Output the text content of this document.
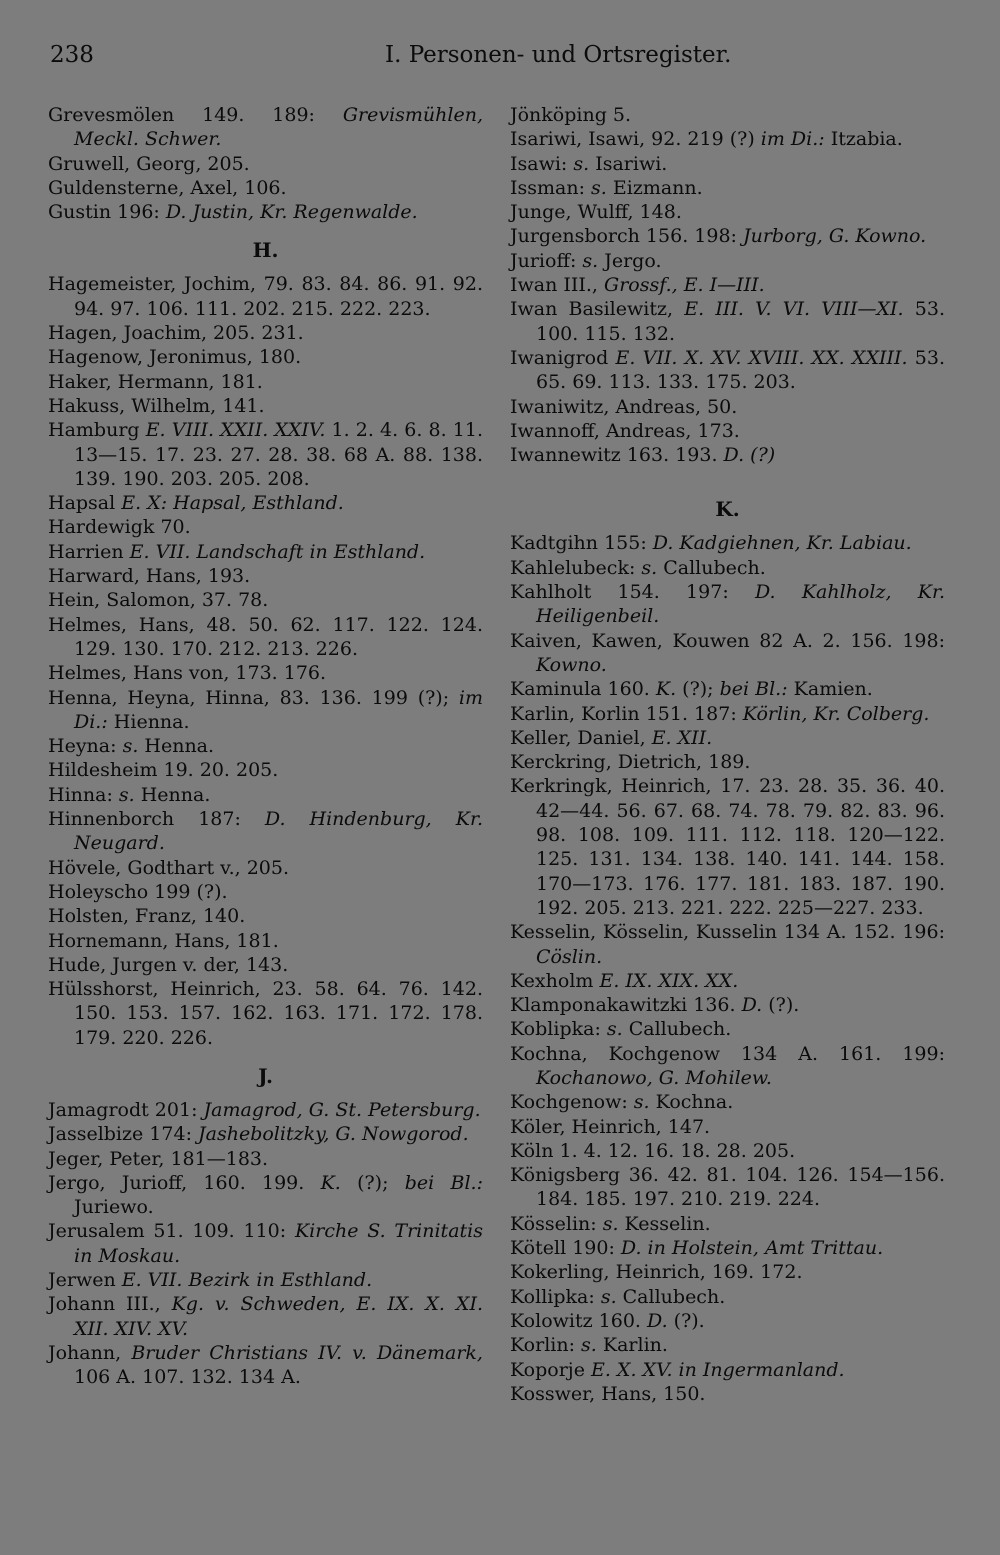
238	I. Personen- und Ortsregister.

Grevesmölen 149. 189: Grevismühlen, Meckl. Schwer.

Gruwell, Georg, 205.

Guldensterne, Axel, 106.

Gustin 196: D. Justin, Kr. Regenwalde.

H.

Hagemeister, Jochim, 79. 83. 84. 86. 91. 92. 94. 97. 106. 111. 202. 215. 222. 223.

Hagen, Joachim, 205. 231.

Hagenow, Jeronimus, 180.

Haker, Hermann, 181.

Hakuss, Wilhelm, 141.

Hamburg E. VIII. XXII. XXIV. 1. 2. 4. 6. 8. 11. 13—15. 17. 23. 27. 28. 38. 68 A. 88. 138. 139. 190. 203. 205. 208.

Hapsal E. X: Hapsal, Esthland.

Hardewigk 70.

Harrien E. VII. Landschaft in Esthland.

Harward, Hans, 193.

Hein, Salomon, 37. 78.

Helmes, Hans, 48. 50. 62. 117. 122. 124. 129. 130. 170. 212. 213. 226.

Helmes, Hans von, 173. 176.

Henna, Heyna, Hinna, 83. 136. 199 (?); im Di.: Hienna.

Heyna: s. Henna.

Hildesheim 19. 20. 205.

Hinna: s. Henna.

Hinnenborch 187: D. Hindenburg, Kr. Neugard.

Hövele, Godthart v., 205.

Holeyscho 199 (?).

Holsten, Franz, 140.

Hornemann, Hans, 181.

Hude, Jurgen v. der, 143.

Hülsshorst, Heinrich, 23. 58. 64. 76. 142. 150. 153. 157. 162. 163. 171. 172. 178. 179. 220. 226.

J.

Jamagrodt 201: Jamagrod, G. St. Petersburg.

Jasselbize 174: Jashebolitzky, G. Nowgorod.

Jeger, Peter, 181—183.

Jergo, Jurioff, 160. 199. K. (?); bei Bl.: Juriewo.

Jerusalem 51. 109. 110: Kirche S. Trinitatis in Moskau.

Jerwen E. VII. Bezirk in Esthland.

Johann III., Kg. v. Schweden, E. IX. X. XI. XII. XIV. XV.

Johann, Bruder Christians IV. v. Dänemark, 106 A. 107. 132. 134 A.

Jönköping 5.

Isariwi, Isawi, 92. 219 (?) im Di.: Itzabia.

Isawi: s. Isariwi.

Issman: s. Eizmann.

Junge, Wulff, 148.

Jurgensborch 156. 198: Jurborg, G. Kowno.

Jurioff: s. Jergo.

Iwan III., Grossf., E. I—III.

Iwan Basilewitz, E. III. V. VI. VIII—XI. 53. 100. 115. 132.

Iwanigrod E. VII. X. XV. XVIII. XX. XXIII. 53. 65. 69. 113. 133. 175. 203.

Iwaniwitz, Andreas, 50.

Iwannoff, Andreas, 173.

Iwannewitz 163. 193. D. (?)

K.

Kadtgihn 155: D. Kadgiehnen, Kr. Labiau.

Kahlelubeck: s. Callubech.

Kahlholt 154. 197: D. Kahlholz, Kr. Heiligenbeil.

Kaiven, Kawen, Kouwen 82 A. 2. 156. 198: Kowno.

Kaminula 160. K. (?); bei Bl.: Kamien.

Karlin, Korlin 151. 187: Körlin, Kr. Colberg.

Keller, Daniel, E. XII.

Kerckring, Dietrich, 189.

Kerkringk, Heinrich, 17. 23. 28. 35. 36. 40. 42—44. 56. 67. 68. 74. 78. 79. 82. 83. 96. 98. 108. 109. 111. 112. 118. 120—122. 125. 131. 134. 138. 140. 141. 144. 158. 170—173. 176. 177. 181. 183. 187. 190. 192. 205. 213. 221. 222. 225—227. 233.

Kesselin, Kösselin, Kusselin 134 A. 152. 196: Cöslin.

Kexholm E. IX. XIX. XX.

Klamponakawitzki 136. D. (?).

Koblipka: s. Callubech.

Kochna, Kochgenow 134 A. 161. 199: Kochanowo, G. Mohilew.

Kochgenow: s. Kochna.

Köler, Heinrich, 147.

Köln 1. 4. 12. 16. 18. 28. 205.

Königsberg 36. 42. 81. 104. 126. 154—156. 184. 185. 197. 210. 219. 224.

Kösselin: s. Kesselin.

Kötell 190: D. in Holstein, Amt Trittau.

Kokerling, Heinrich, 169. 172.

Kollipka: s. Callubech.

Kolowitz 160. D. (?).

Korlin: s. Karlin.

Koporje E. X. XV. in Ingermanland.

Kosswer, Hans, 150.
